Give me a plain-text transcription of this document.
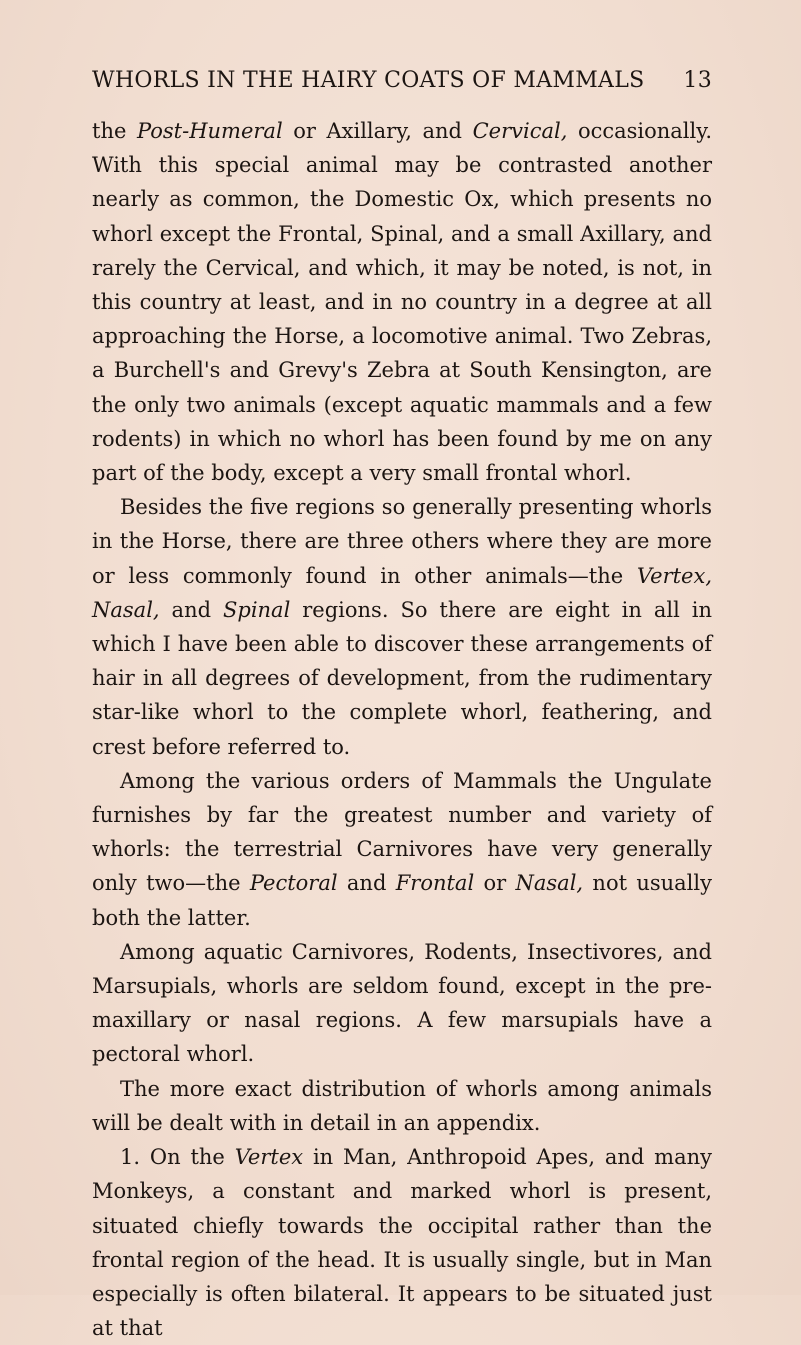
WHORLS IN THE HAIRY COATS OF MAMMALS 13

the Post-Humeral or Axillary, and Cervical, occasionally. With this special animal may be contrasted another nearly as common, the Domestic Ox, which presents no whorl except the Frontal, Spinal, and a small Axillary, and rarely the Cervical, and which, it may be noted, is not, in this country at least, and in no country in a degree at all approaching the Horse, a locomotive animal. Two Zebras, a Burchell's and Grevy's Zebra at South Kensington, are the only two animals (except aquatic mammals and a few rodents) in which no whorl has been found by me on any part of the body, except a very small frontal whorl.

Besides the five regions so generally presenting whorls in the Horse, there are three others where they are more or less commonly found in other animals—the Vertex, Nasal, and Spinal regions. So there are eight in all in which I have been able to discover these arrangements of hair in all degrees of development, from the rudimentary star-like whorl to the complete whorl, feathering, and crest before referred to.

Among the various orders of Mammals the Ungulate furnishes by far the greatest number and variety of whorls: the terrestrial Carnivores have very generally only two—the Pectoral and Frontal or Nasal, not usually both the latter.

Among aquatic Carnivores, Rodents, Insectivores, and Marsupials, whorls are seldom found, except in the pre-maxillary or nasal regions. A few marsupials have a pectoral whorl.

The more exact distribution of whorls among animals will be dealt with in detail in an appendix.

1. On the Vertex in Man, Anthropoid Apes, and many Monkeys, a constant and marked whorl is present, situated chiefly towards the occipital rather than the frontal region of the head. It is usually single, but in Man especially is often bilateral. It appears to be situated just at that
